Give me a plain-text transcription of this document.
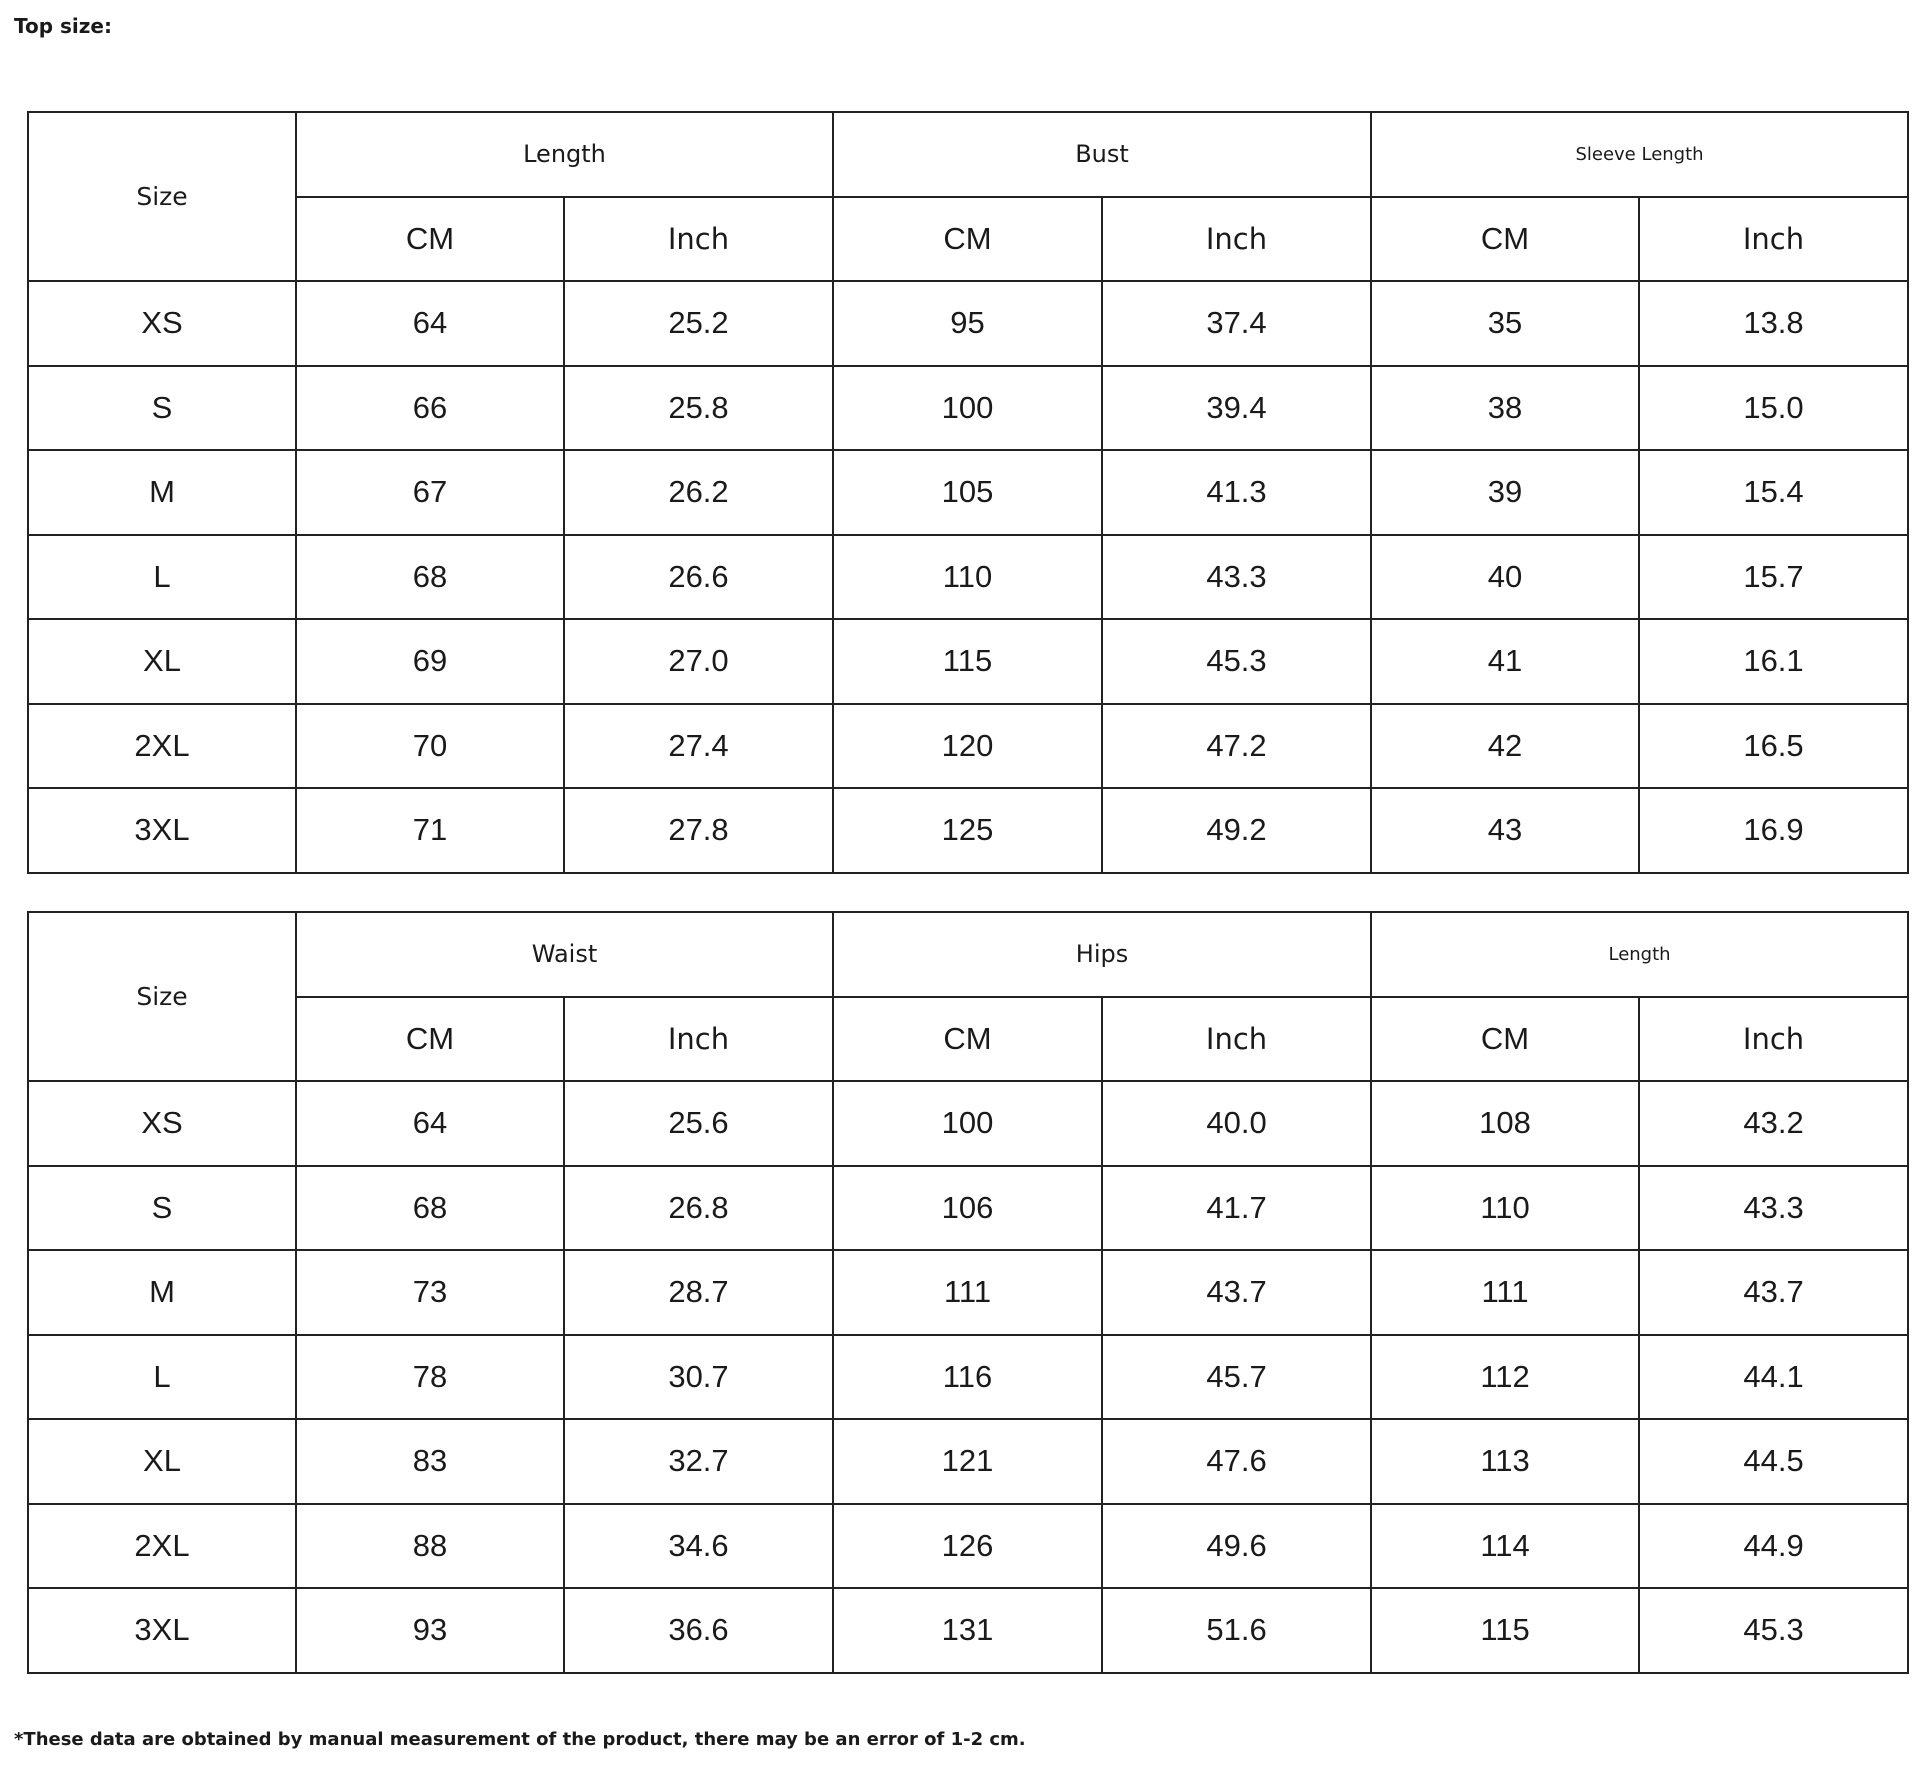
Top size:
Size	Length		Bust		Sleeve Length	
	CM	Inch	CM	Inch	CM	Inch
XS	64	25.2	95	37.4	35	13.8
S	66	25.8	100	39.4	38	15.0
M	67	26.2	105	41.3	39	15.4
L	68	26.6	110	43.3	40	15.7
XL	69	27.0	115	45.3	41	16.1
2XL	70	27.4	120	47.2	42	16.5
3XL	71	27.8	125	49.2	43	16.9
Size	Waist		Hips		Length	
	CM	Inch	CM	Inch	CM	Inch
XS	64	25.6	100	40.0	108	43.2
S	68	26.8	106	41.7	110	43.3
M	73	28.7	111	43.7	111	43.7
L	78	30.7	116	45.7	112	44.1
XL	83	32.7	121	47.6	113	44.5
2XL	88	34.6	126	49.6	114	44.9
3XL	93	36.6	131	51.6	115	45.3
*These data are obtained by manual measurement of the product, there may be an error of 1-2 cm.
